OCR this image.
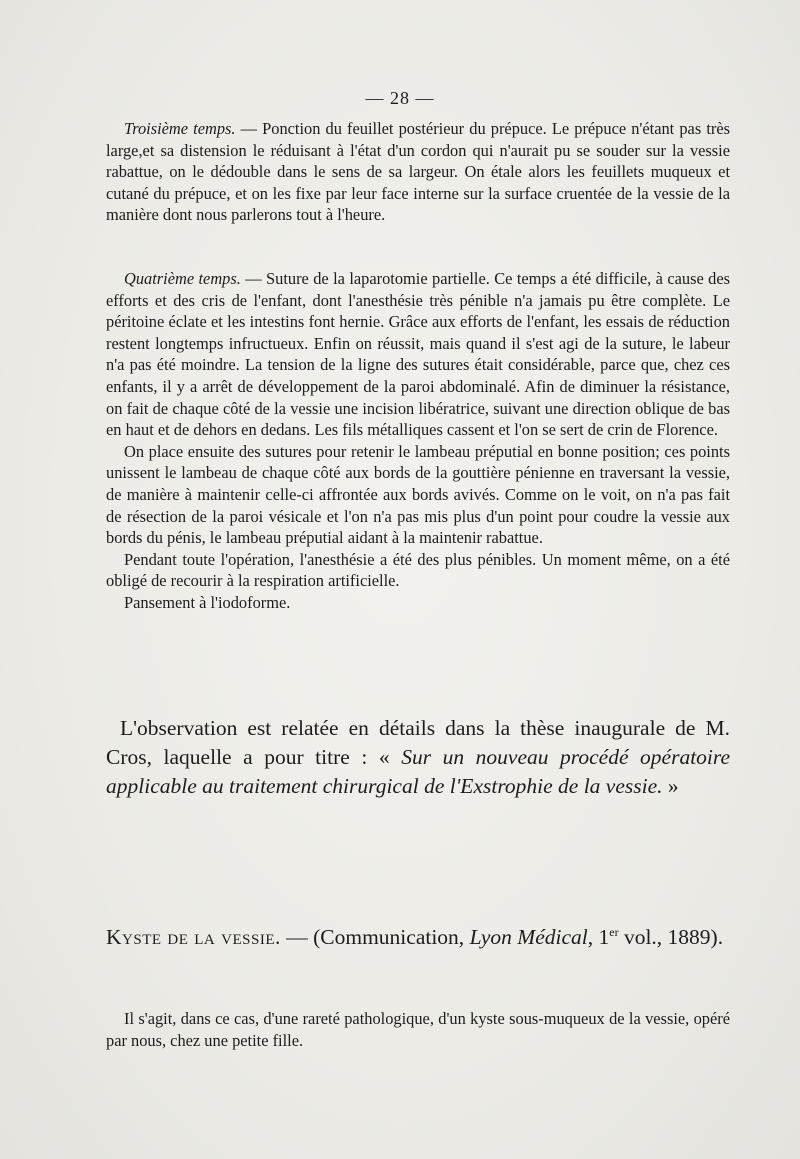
— 28 —

Troisième temps. — Ponction du feuillet postérieur du prépuce. Le prépuce n'étant pas très large,et sa distension le réduisant à l'état d'un cordon qui n'aurait pu se souder sur la vessie rabattue, on le dédouble dans le sens de sa largeur. On étale alors les feuillets muqueux et cutané du prépuce, et on les fixe par leur face interne sur la surface cruentée de la vessie de la manière dont nous parlerons tout à l'heure.

Quatrième temps. — Suture de la laparotomie partielle. Ce temps a été difficile, à cause des efforts et des cris de l'enfant, dont l'anesthésie très pénible n'a jamais pu être complète. Le péritoine éclate et les intestins font hernie. Grâce aux efforts de l'enfant, les essais de réduction restent longtemps infructueux. Enfin on réussit, mais quand il s'est agi de la suture, le labeur n'a pas été moindre. La tension de la ligne des sutures était considérable, parce que, chez ces enfants, il y a arrêt de développement de la paroi abdominalé. Afin de diminuer la résistance, on fait de chaque côté de la vessie une incision libératrice, suivant une direction oblique de bas en haut et de dehors en dedans. Les fils métalliques cassent et l'on se sert de crin de Florence.

On place ensuite des sutures pour retenir le lambeau préputial en bonne position; ces points unissent le lambeau de chaque côté aux bords de la gouttière pénienne en traversant la vessie, de manière à maintenir celle-ci affrontée aux bords avivés. Comme on le voit, on n'a pas fait de résection de la paroi vésicale et l'on n'a pas mis plus d'un point pour coudre la vessie aux bords du pénis, le lambeau préputial aidant à la maintenir rabattue.

Pendant toute l'opération, l'anesthésie a été des plus pénibles. Un moment même, on a été obligé de recourir à la respiration artificielle.

Pansement à l'iodoforme.

L'observation est relatée en détails dans la thèse inaugurale de M. Cros, laquelle a pour titre : « Sur un nouveau procédé opératoire applicable au traitement chirurgical de l'Exstrophie de la vessie. »

Kyste de la vessie. — (Communication, Lyon Médical, 1er vol., 1889).

Il s'agit, dans ce cas, d'une rareté pathologique, d'un kyste sous-muqueux de la vessie, opéré par nous, chez une petite fille.
